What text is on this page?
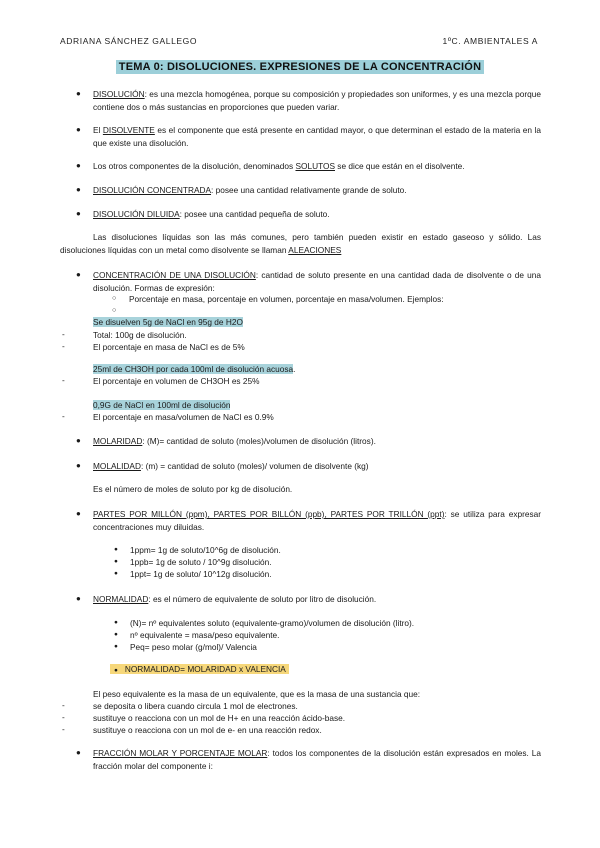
ADRIANA SÁNCHEZ GALLEGO	1ºC. AMBIENTALES A
TEMA 0: DISOLUCIONES. EXPRESIONES DE LA CONCENTRACIÓN
● DISOLUCIÓN: es una mezcla homogénea, porque su composición y propiedades son uniformes, y es una mezcla porque contiene dos o más sustancias en proporciones que pueden variar.
● El DISOLVENTE es el componente que está presente en cantidad mayor, o que determinan el estado de la materia en la que existe una disolución.
● Los otros componentes de la disolución, denominados SOLUTOS se dice que están en el disolvente.
● DISOLUCIÓN CONCENTRADA: posee una cantidad relativamente grande de soluto.
● DISOLUCIÓN DILUIDA: posee una cantidad pequeña de soluto.
Las disoluciones líquidas son las más comunes, pero también pueden existir en estado gaseoso y sólido. Las disoluciones líquidas con un metal como disolvente se llaman ALEACIONES
● CONCENTRACIÓN DE UNA DISOLUCIÓN: cantidad de soluto presente en una cantidad dada de disolvente o de una disolución. Formas de expresión:
○ Porcentaje en masa, porcentaje en volumen, porcentaje en masa/volumen. Ejemplos:
○
Se disuelven 5g de NaCl en 95g de H2O
-	Total: 100g de disolución.
-	El porcentaje en masa de NaCl es de 5%
25ml de CH3OH por cada 100ml de disolución acuosa.
-	El porcentaje en volumen de CH3OH es 25%
0,9G de NaCl en 100ml de disolución
-	El porcentaje en masa/volumen de NaCl es 0.9%
● MOLARIDAD: (M)= cantidad de soluto (moles)/volumen de disolución (litros).
● MOLALIDAD: (m) = cantidad de soluto (moles)/ volumen de disolvente (kg)
Es el número de moles de soluto por kg de disolución.
● PARTES POR MILLÓN (ppm), PARTES POR BILLÓN (ppb), PARTES POR TRILLÓN (ppt): se utiliza para expresar concentraciones muy diluidas.
● 1ppm= 1g de soluto/10^6g de disolución.
● 1ppb= 1g de soluto / 10^9g disolución.
● 1ppt= 1g de soluto/ 10^12g disolución.
● NORMALIDAD: es el número de equivalente de soluto por litro de disolución.
● (N)= nº equivalentes soluto (equivalente-gramo)/volumen de disolución (litro).
● nº equivalente = masa/peso equivalente.
● Peq= peso molar (g/mol)/ Valencia
● NORMALIDAD= MOLARIDAD x VALENCIA
El peso equivalente es la masa de un equivalente, que es la masa de una sustancia que:
-	se deposita o libera cuando circula 1 mol de electrones.
-	sustituye o reacciona con un mol de H+ en una reacción ácido-base.
-	sustituye o reacciona con un mol de e- en una reacción redox.
● FRACCIÓN MOLAR Y PORCENTAJE MOLAR: todos los componentes de la disolución están expresados en moles. La fracción molar del componente i:
